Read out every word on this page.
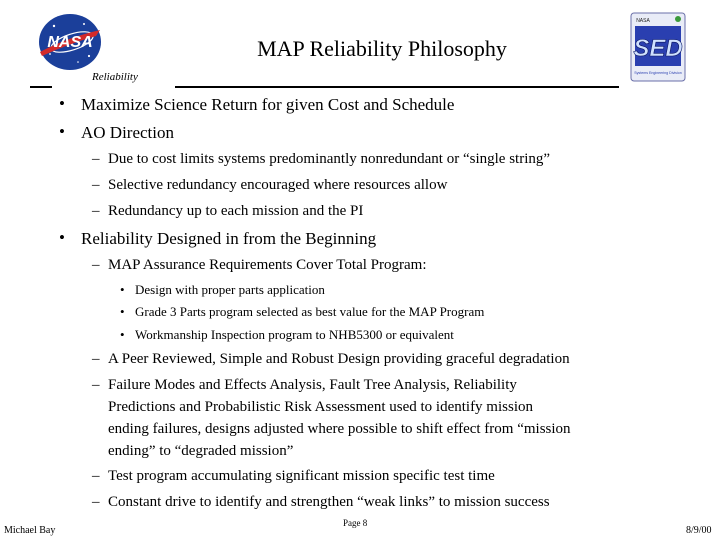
NASA	MAP Reliability Philosophy
Reliability
NASA
SED
Systems Engineering Division
• Maximize Science Return for given Cost and Schedule
• AO Direction
– Due to cost limits systems predominantly nonredundant or “single string”
– Selective redundancy encouraged where resources allow
– Redundancy up to each mission and the PI
• Reliability Designed in from the Beginning
– MAP Assurance Requirements Cover Total Program:
• Design with proper parts application
• Grade 3 Parts program selected as best value for the MAP Program
• Workmanship Inspection program to NHB5300 or equivalent
– A Peer Reviewed, Simple and Robust Design providing graceful degradation
– Failure Modes and Effects Analysis, Fault Tree Analysis, Reliability
Predictions and Probabilistic Risk Assessment used to identify mission
ending failures, designs adjusted where possible to shift effect from “mission
ending” to “degraded mission”
– Test program accumulating significant mission specific test time
– Constant drive to identify and strengthen “weak links” to mission success
Michael Bay
Page 8
8/9/00
